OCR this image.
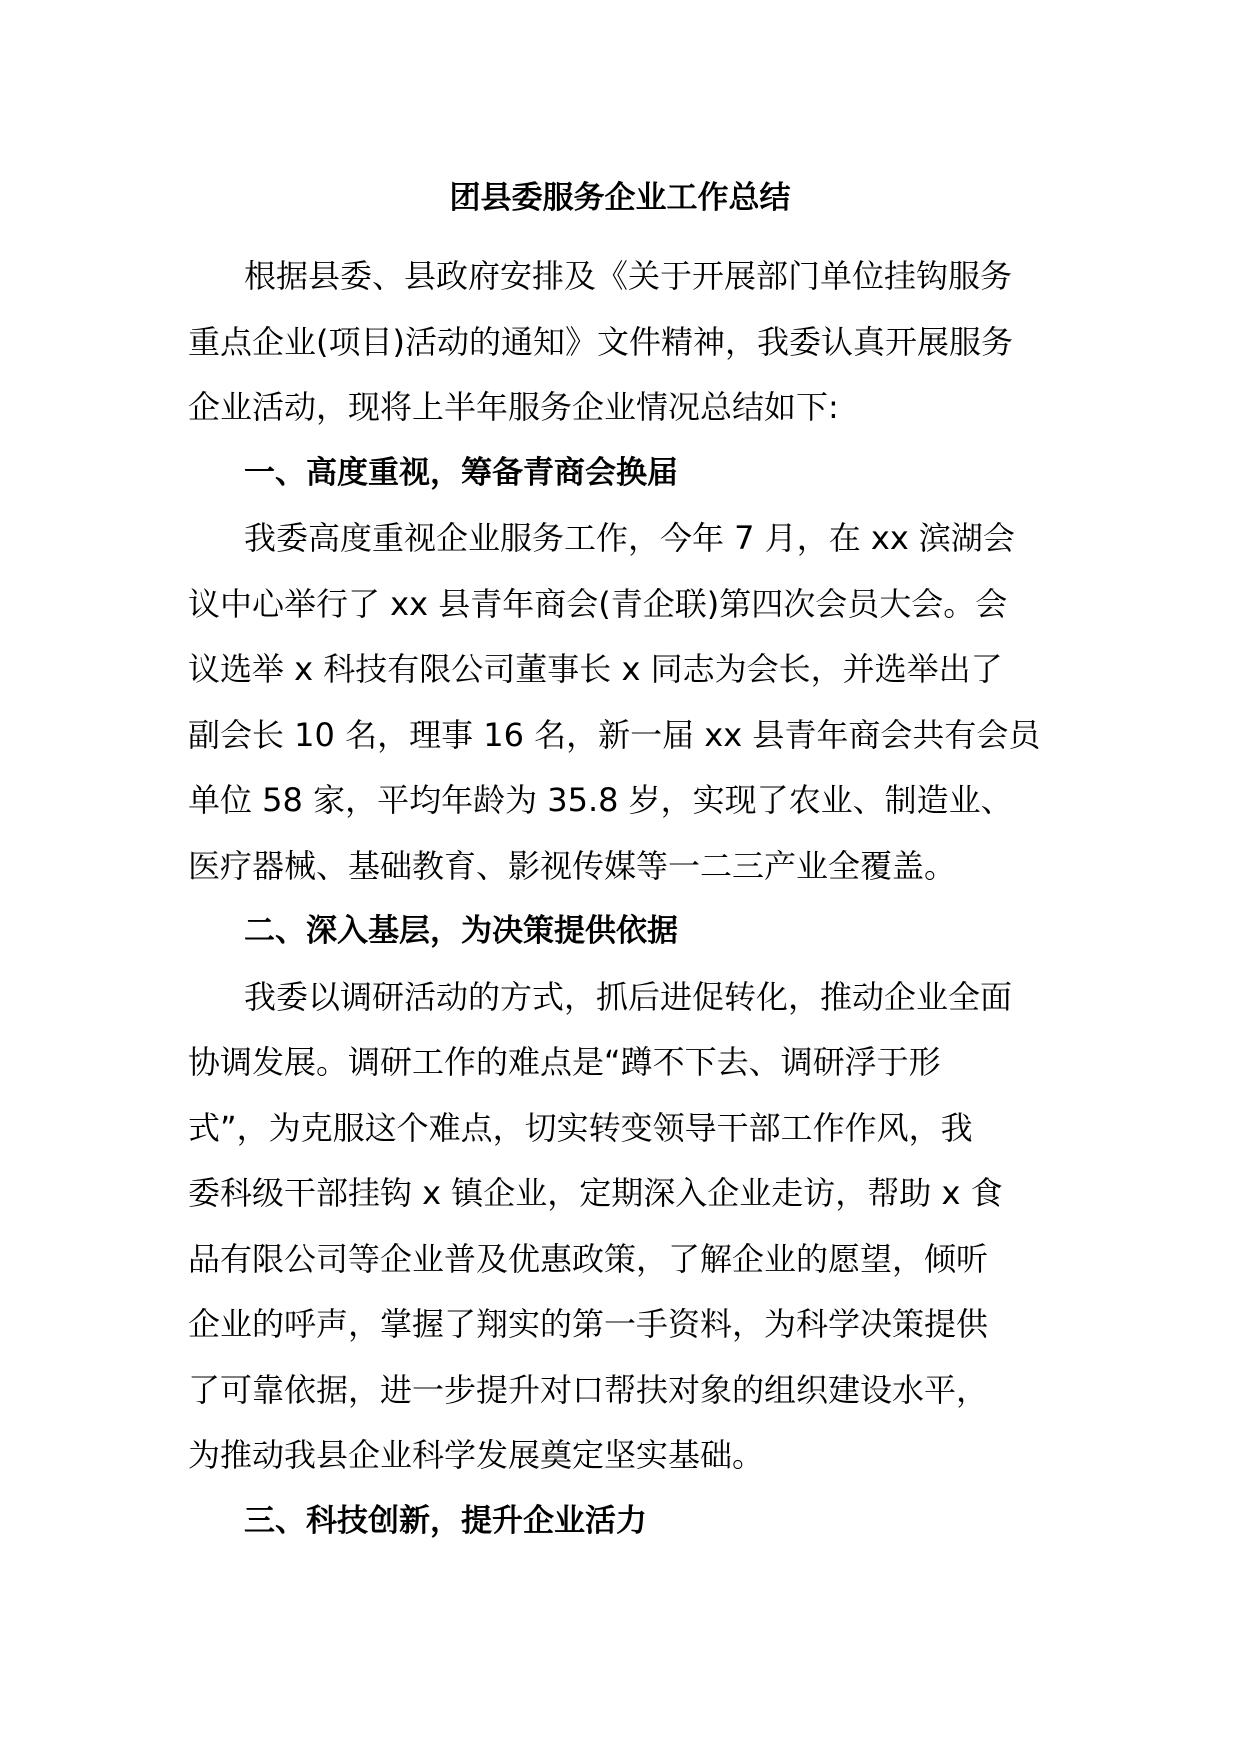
团县委服务企业工作总结
根据县委、县政府安排及《关于开展部门单位挂钩服务
重点企业(项目)活动的通知》文件精神，我委认真开展服务
企业活动，现将上半年服务企业情况总结如下:
一、高度重视，筹备青商会换届
我委高度重视企业服务工作，今年 7 月，在 xx 滨湖会
议中心举行了 xx 县青年商会(青企联)第四次会员大会。会
议选举 x 科技有限公司董事长 x 同志为会长，并选举出了
副会长 10 名，理事 16 名，新一届 xx 县青年商会共有会员
单位 58 家，平均年龄为 35.8 岁，实现了农业、制造业、
医疗器械、基础教育、影视传媒等一二三产业全覆盖。
二、深入基层，为决策提供依据
我委以调研活动的方式，抓后进促转化，推动企业全面
协调发展。调研工作的难点是“蹲不下去、调研浮于形
式”，为克服这个难点，切实转变领导干部工作作风，我
委科级干部挂钩 x 镇企业，定期深入企业走访，帮助 x 食
品有限公司等企业普及优惠政策，了解企业的愿望，倾听
企业的呼声，掌握了翔实的第一手资料，为科学决策提供
了可靠依据，进一步提升对口帮扶对象的组织建设水平，
为推动我县企业科学发展奠定坚实基础。
三、科技创新，提升企业活力
